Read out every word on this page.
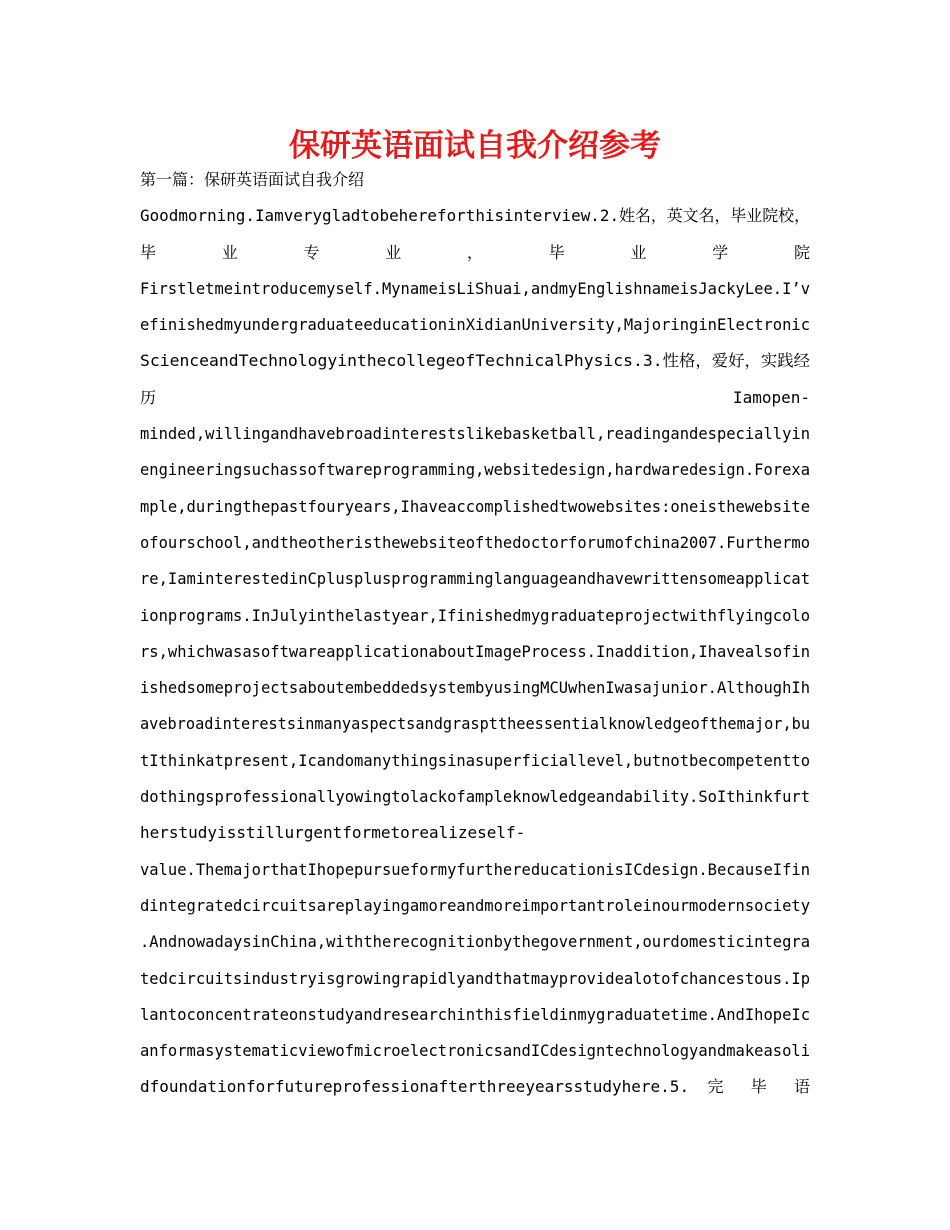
保研英语面试自我介绍参考
第一篇：保研英语面试自我介绍
Goodmorning.Iamverygladtobehereforthisinterview.2.姓名，英文名，毕业院校，
毕 业 专 业 ， 毕 业 学 院
Firstletmeintroducemyself.MynameisLiShuai,andmyEnglishnameisJackyLee.I’v
efinishedmyundergraduateeducationinXidianUniversity,MajoringinElectronic
ScienceandTechnologyinthecollegeofTechnicalPhysics.3.性格，爱好，实践经
历 Iamopen-
minded,willingandhavebroadinterestslikebasketball,readingandespeciallyin
engineeringsuchassoftwareprogramming,websitedesign,hardwaredesign.Forexa
mple,duringthepastfouryears,Ihaveaccomplishedtwowebsites:oneisthewebsite
ofourschool,andtheotheristhewebsiteofthedoctorforumofchina2007.Furthermo
re,IaminterestedinCplusplusprogramminglanguageandhavewrittensomeapplicat
ionprograms.InJulyinthelastyear,Ifinishedmygraduateprojectwithflyingcolo
rs,whichwasasoftwareapplicationaboutImageProcess.Inaddition,Ihavealsofin
ishedsomeprojectsaboutembeddedsystembyusingMCUwhenIwasajunior.AlthoughIh
avebroadinterestsinmanyaspectsandgraspttheessentialknowledgeofthemajor,bu
tIthinkatpresent,Icandomanythingsinasuperficiallevel,butnotbecompetentto
dothingsprofessionallyowingtolackofampleknowledgeandability.SoIthinkfurt
herstudyisstillurgentformetorealizeself-
value.ThemajorthatIhopepursueformyfurthereducationisICdesign.BecauseIfin
dintegratedcircuitsareplayingamoreandmoreimportantroleinourmodernsociety
.AndnowadaysinChina,withtherecognitionbythegovernment,ourdomesticintegra
tedcircuitsindustryisgrowingrapidlyandthatmayprovidealotofchancestous.Ip
lantoconcentrateonstudyandresearchinthisfieldinmygraduatetime.AndIhopeIc
anformasystematicviewofmicroelectronicsandICdesigntechnologyandmakeasoli
dfoundationforfutureprofessionafterthreeyearsstudyhere.5. 完 毕 语
